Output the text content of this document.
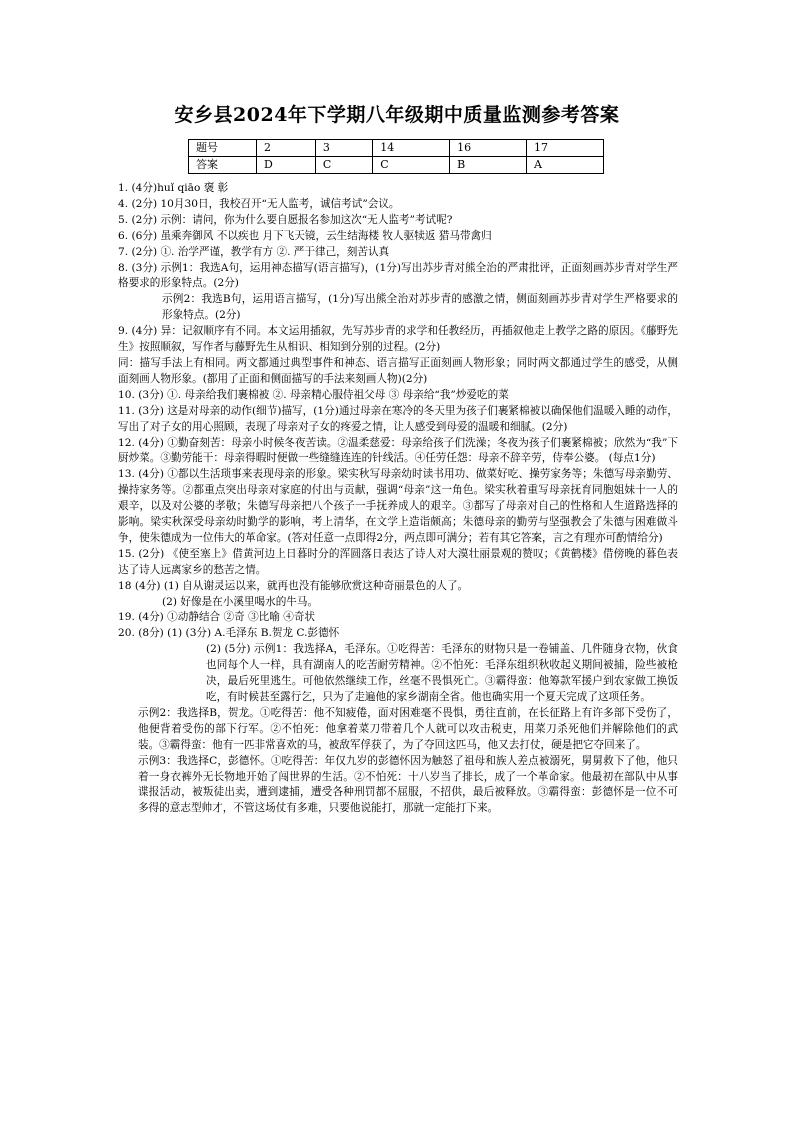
安乡县2024年下学期八年级期中质量监测参考答案
题号	2	3	14	16	17
答案	D	C	C	B	A

1. (4分)huǐ qiāo 褒 彰

4. (2分) 10月30日，我校召开“无人监考，诚信考试”会议。

5. (2分) 示例：请问，你为什么要自愿报名参加这次“无人监考”考试呢?

6. (6分) 虽乘奔御风 不以疾也 月下飞天镜，云生结海楼 牧人驱犊返 猎马带禽归

7. (2分) ①. 治学严谨，教学有方 ②. 严于律己，刻苦认真

8. (3分) 示例1：我选A句，运用神态描写(语言描写)，(1分)写出苏步青对熊全治的严肃批评，正面刻画苏步青对学生严格要求的形象特点。(2分)

示例2：我选B句，运用语言描写，(1分)写出熊全治对苏步青的感激之情，侧面刻画苏步青对学生严格要求的形象特点。(2分)

9. (4分) 异：记叙顺序有不同。本文运用插叙，先写苏步青的求学和任教经历，再插叙他走上教学之路的原因。《藤野先生》按照顺叙，写作者与藤野先生从相识、相知到分别的过程。(2分)

同：描写手法上有相同。两文都通过典型事件和神态、语言描写正面刻画人物形象；同时两文都通过学生的感受，从侧面刻画人物形象。(都用了正面和侧面描写的手法来刻画人物)(2分)

10. (3分) ①. 母亲给我们裹棉被 ②. 母亲精心服侍祖父母 ③ 母亲给“我”炒爱吃的菜

11. (3分) 这是对母亲的动作(细节)描写，(1分)通过母亲在寒冷的冬天里为孩子们裹紧棉被以确保他们温暖入睡的动作，写出了对子女的用心照顾，表现了母亲对子女的疼爱之情，让人感受到母爱的温暖和细腻。(2分)

12. (4分) ①勤奋刻苦：母亲小时候冬夜苦读。②温柔慈爱：母亲给孩子们洗澡；冬夜为孩子们裹紧棉被；欣然为“我”下厨炒菜。③勤劳能干：母亲得暇时便做一些缝缝连连的针线活。④任劳任怨：母亲不辞辛劳，侍奉公婆。 (每点1分)

13. (4分) ①都以生活琐事来表现母亲的形象。梁实秋写母亲幼时读书用功、做菜好吃、操劳家务等；朱德写母亲勤劳、操持家务等。②都重点突出母亲对家庭的付出与贡献，强调“母亲”这一角色。梁实秋着重写母亲抚育同胞姐妹十一人的艰辛，以及对公婆的孝敬；朱德写母亲把八个孩子一手抚养成人的艰辛。③都写了母亲对自己的性格和人生道路选择的影响。梁实秋深受母亲幼时勤学的影响，考上清华，在文学上造诣颇高；朱德母亲的勤劳与坚强教会了朱德与困难做斗争，使朱德成为一位伟大的革命家。(答对任意一点即得2分，两点即可满分；若有其它答案，言之有理亦可酌情给分)

15. (2分) 《使至塞上》借黄河边上日暮时分的浑圆落日表达了诗人对大漠壮丽景观的赞叹；《黄鹤楼》借傍晚的暮色表达了诗人远离家乡的愁苦之情。

18 (4分) (1) 自从谢灵运以来，就再也没有能够欣赏这种奇丽景色的人了。

(2) 好像是在小溪里喝水的牛马。

19. (4分) ①动静结合 ②奇 ③比喻 ④奇状

20. (8分) (1) (3分) A.毛泽东 B.贺龙 C.彭德怀

(2) (5分) 示例1：我选择A，毛泽东。①吃得苦：毛泽东的财物只是一卷铺盖、几件随身衣物，伙食也同每个人一样，具有湖南人的吃苦耐劳精神。②不怕死：毛泽东组织秋收起义期间被捕，险些被枪决，最后死里逃生。可他依然继续工作，丝毫不畏惧死亡。③霸得蛮：他筹款军援户到农家做工换饭吃，有时候甚至露行乞，只为了走遍他的家乡湖南全省。他也确实用一个夏天完成了这项任务。

示例2：我选择B，贺龙。①吃得苦：他不知疲倦，面对困难毫不畏惧，勇往直前，在长征路上有许多部下受伤了，他便背着受伤的部下行军。②不怕死：他拿着菜刀带着几个人就可以攻击税吏，用菜刀杀死他们并解除他们的武装。③霸得蛮：他有一匹非常喜欢的马，被敌军俘获了，为了夺回这匹马，他又去打仗，硬是把它夺回来了。

示例3：我选择C，彭德怀。①吃得苦：年仅九岁的彭德怀因为触怒了祖母和族人差点被溺死，舅舅救下了他，他只着一身衣裤外无长物地开始了闯世界的生活。②不怕死：十八岁当了排长，成了一个革命家。他最初在部队中从事谍报活动，被叛徒出卖，遭到逮捕，遭受各种刑罚都不屈服，不招供，最后被释放。③霸得蛮：彭德怀是一位不可多得的意志型帅才，不管这场仗有多难，只要他说能打，那就一定能打下来。
